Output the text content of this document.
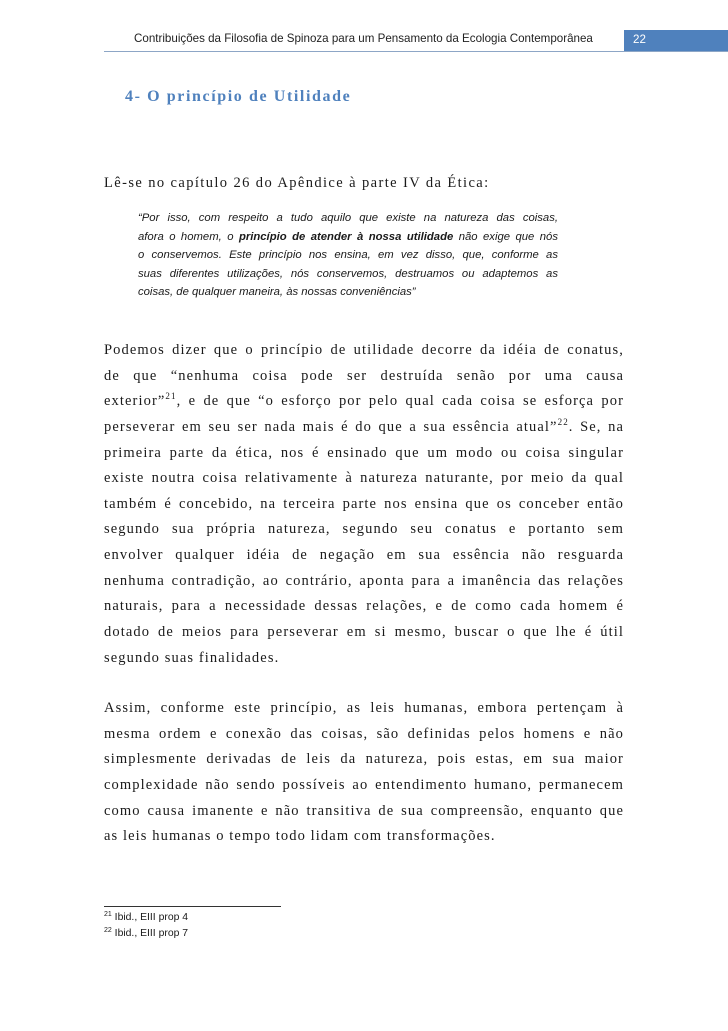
Contribuições da Filosofia de Spinoza para um Pensamento da Ecologia Contemporânea	22
4- O princípio de Utilidade
Lê-se no capítulo 26 do Apêndice à parte IV da Ética:
“Por isso, com respeito a tudo aquilo que existe na natureza das coisas,
afora o homem, o princípio de atender à nossa utilidade não exige que nós
o conservemos. Este princípio nos ensina, em vez disso, que, conforme as
suas diferentes utilizações, nós conservemos, destruamos ou adaptemos as
coisas, de qualquer maneira, às nossas conveniências”
Podemos dizer que o princípio de utilidade decorre da idéia de conatus,
de que “nenhuma coisa pode ser destruída senão por uma causa
exterior”$^{21}$, e de que “o esforço por pelo qual cada coisa se esforça por
perseverar em seu ser nada mais é do que a sua essência atual”$^{22}$. Se, na
primeira parte da ética, nos é ensinado que um modo ou coisa singular
existe noutra coisa relativamente à natureza naturante, por meio da qual
também é concebido, na terceira parte nos ensina que os conceber então
segundo sua própria natureza, segundo seu conatus e portanto sem
envolver qualquer idéia de negação em sua essência não resguarda
nenhuma contradição, ao contrário, aponta para a imanência das relações
naturais, para a necessidade dessas relações, e de como cada homem é
dotado de meios para perseverar em si mesmo, buscar o que lhe é útil
segundo suas finalidades.
Assim, conforme este princípio, as leis humanas, embora pertençam à
mesma ordem e conexão das coisas, são definidas pelos homens e não
simplesmente derivadas de leis da natureza, pois estas, em sua maior
complexidade não sendo possíveis ao entendimento humano, permanecem
como causa imanente e não transitiva de sua compreensão, enquanto que
as leis humanas o tempo todo lidam com transformações.
$^{21}$ Ibid., EIII prop 4
$^{22}$ Ibid., EIII prop 7
